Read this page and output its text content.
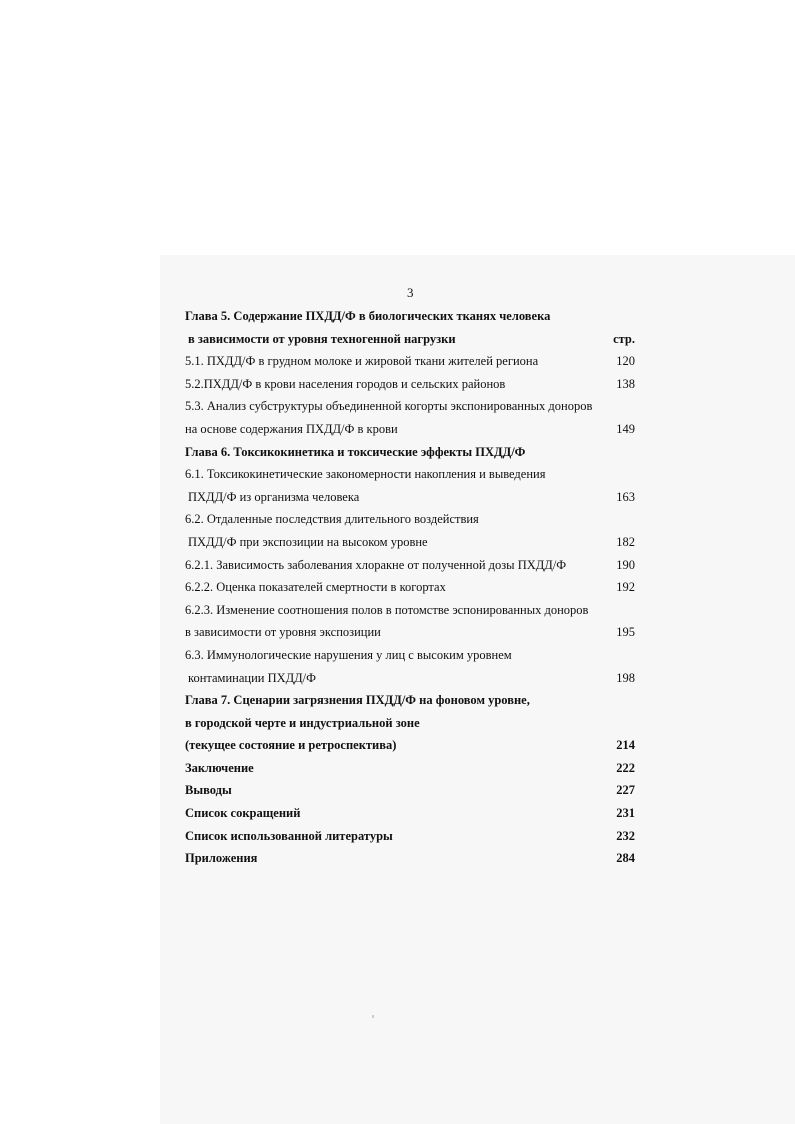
3
Глава 5. Содержание ПХДД/Ф в биологических тканях человека
в зависимости от уровня техногенной нагрузки	стр.
5.1. ПХДД/Ф в грудном молоке и жировой ткани жителей региона	120
5.2.ПХДД/Ф в крови населения городов и сельских районов	138
5.3. Анализ субструктуры объединенной когорты экспонированных доноров
на основе содержания ПХДД/Ф в крови	149
Глава 6. Токсикокинетика и токсические эффекты ПХДД/Ф
6.1. Токсикокинетические закономерности накопления и выведения
ПХДД/Ф из организма человека	163
6.2. Отдаленные последствия длительного воздействия
ПХДД/Ф при экспозиции на высоком уровне	182
6.2.1. Зависимость заболевания хлоракне от полученной дозы ПХДД/Ф	190
6.2.2. Оценка показателей смертности в когортах	192
6.2.3. Изменение соотношения полов в потомстве эспонированных доноров
в зависимости от уровня экспозиции	195
6.3. Иммунологические нарушения у лиц с высоким уровнем
контаминации ПХДД/Ф	198
Глава 7. Сценарии загрязнения ПХДД/Ф на фоновом уровне,
в городской черте и индустриальной зоне
(текущее состояние и ретроспектива)	214
Заключение	222
Выводы	227
Список сокращений	231
Список использованной литературы	232
Приложения	284
